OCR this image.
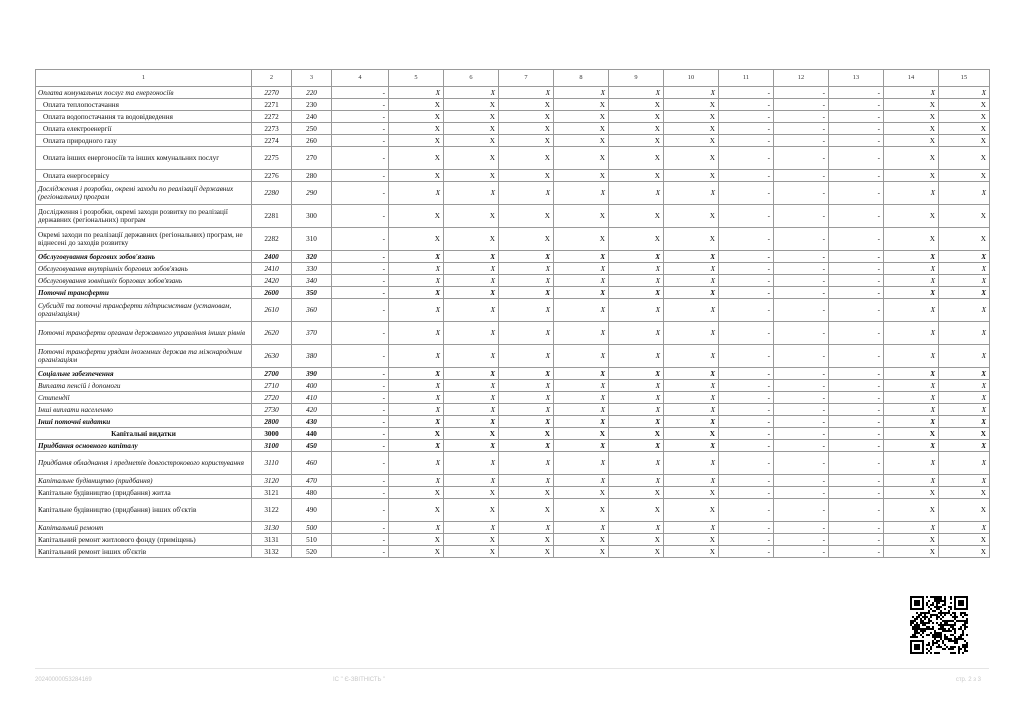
1	2	3	4	5	6	7	8	9	10	11	12	13	14	15
Оплата комунальних послуг та енергоносіїв	2270	220	-	X	X	X	X	X	X	-	-	-	X	X
Оплата теплопостачання	2271	230	-	X	X	X	X	X	X	-	-	-	X	X
Оплата водопостачання та водовідведення	2272	240	-	X	X	X	X	X	X	-	-	-	X	X
Оплата електроенергії	2273	250	-	X	X	X	X	X	X	-	-	-	X	X
Оплата природного газу	2274	260	-	X	X	X	X	X	X	-	-	-	X	X
Оплата інших енергоносіїв та інших комунальних послуг	2275	270	-	X	X	X	X	X	X	-	-	-	X	X
Оплата енергосервісу	2276	280	-	X	X	X	X	X	X	-	-	-	X	X
Дослідження і розробки, окремі заходи по реалізації державних (регіональних) програм	2280	290	-	X	X	X	X	X	X	-	-	-	X	X
Дослідження і розробки, окремі заходи розвитку по реалізації державних (регіональних) програм	2281	300	-	X	X	X	X	X	X	-	-	-	X	X
Окремі заходи по реалізації державних (регіональних) програм, не віднесені до заходів розвитку	2282	310	-	X	X	X	X	X	X	-	-	-	X	X
Обслуговування боргових зобов'язань	2400	320	-	X	X	X	X	X	X	-	-	-	X	X
Обслуговування внутрішніх боргових зобов'язань	2410	330	-	X	X	X	X	X	X	-	-	-	X	X
Обслуговування зовнішніх боргових зобов'язань	2420	340	-	X	X	X	X	X	X	-	-	-	X	X
Поточні трансферти	2600	350	-	X	X	X	X	X	X	-	-	-	X	X
Субсидії та поточні трансферти підприємствам (установам, організаціям)	2610	360	-	X	X	X	X	X	X	-	-	-	X	X
Поточні трансферти органам державного управління інших рівнів	2620	370	-	X	X	X	X	X	X	-	-	-	X	X
Поточні трансферти урядам іноземних держав та міжнародним організаціям	2630	380	-	X	X	X	X	X	X	-	-	-	X	X
Соціальне забезпечення	2700	390	-	X	X	X	X	X	X	-	-	-	X	X
Виплата пенсій і допомоги	2710	400	-	X	X	X	X	X	X	-	-	-	X	X
Стипендії	2720	410	-	X	X	X	X	X	X	-	-	-	X	X
Інші виплати населенню	2730	420	-	X	X	X	X	X	X	-	-	-	X	X
Інші поточні видатки	2800	430	-	X	X	X	X	X	X	-	-	-	X	X
Капітальні видатки	3000	440	-	X	X	X	X	X	X	-	-	-	X	X
Придбання основного капіталу	3100	450	-	X	X	X	X	X	X	-	-	-	X	X
Придбання обладнання і предметів довгострокового користування	3110	460	-	X	X	X	X	X	X	-	-	-	X	X
Капітальне будівництво (придбання)	3120	470	-	X	X	X	X	X	X	-	-	-	X	X
Капітальне будівництво (придбання) житла	3121	480	-	X	X	X	X	X	X	-	-	-	X	X
Капітальне будівництво (придбання) інших об'єктів	3122	490	-	X	X	X	X	X	X	-	-	-	X	X
Капітальний ремонт	3130	500	-	X	X	X	X	X	X	-	-	-	X	X
Капітальний ремонт житлового фонду (приміщень)	3131	510	-	X	X	X	X	X	X	-	-	-	X	X
Капітальний ремонт інших об'єктів	3132	520	-	X	X	X	X	X	X	-	-	-	X	X
20240000053284169	ІС " Є-ЗВІТНІСТЬ "	стр. 2 з 3
